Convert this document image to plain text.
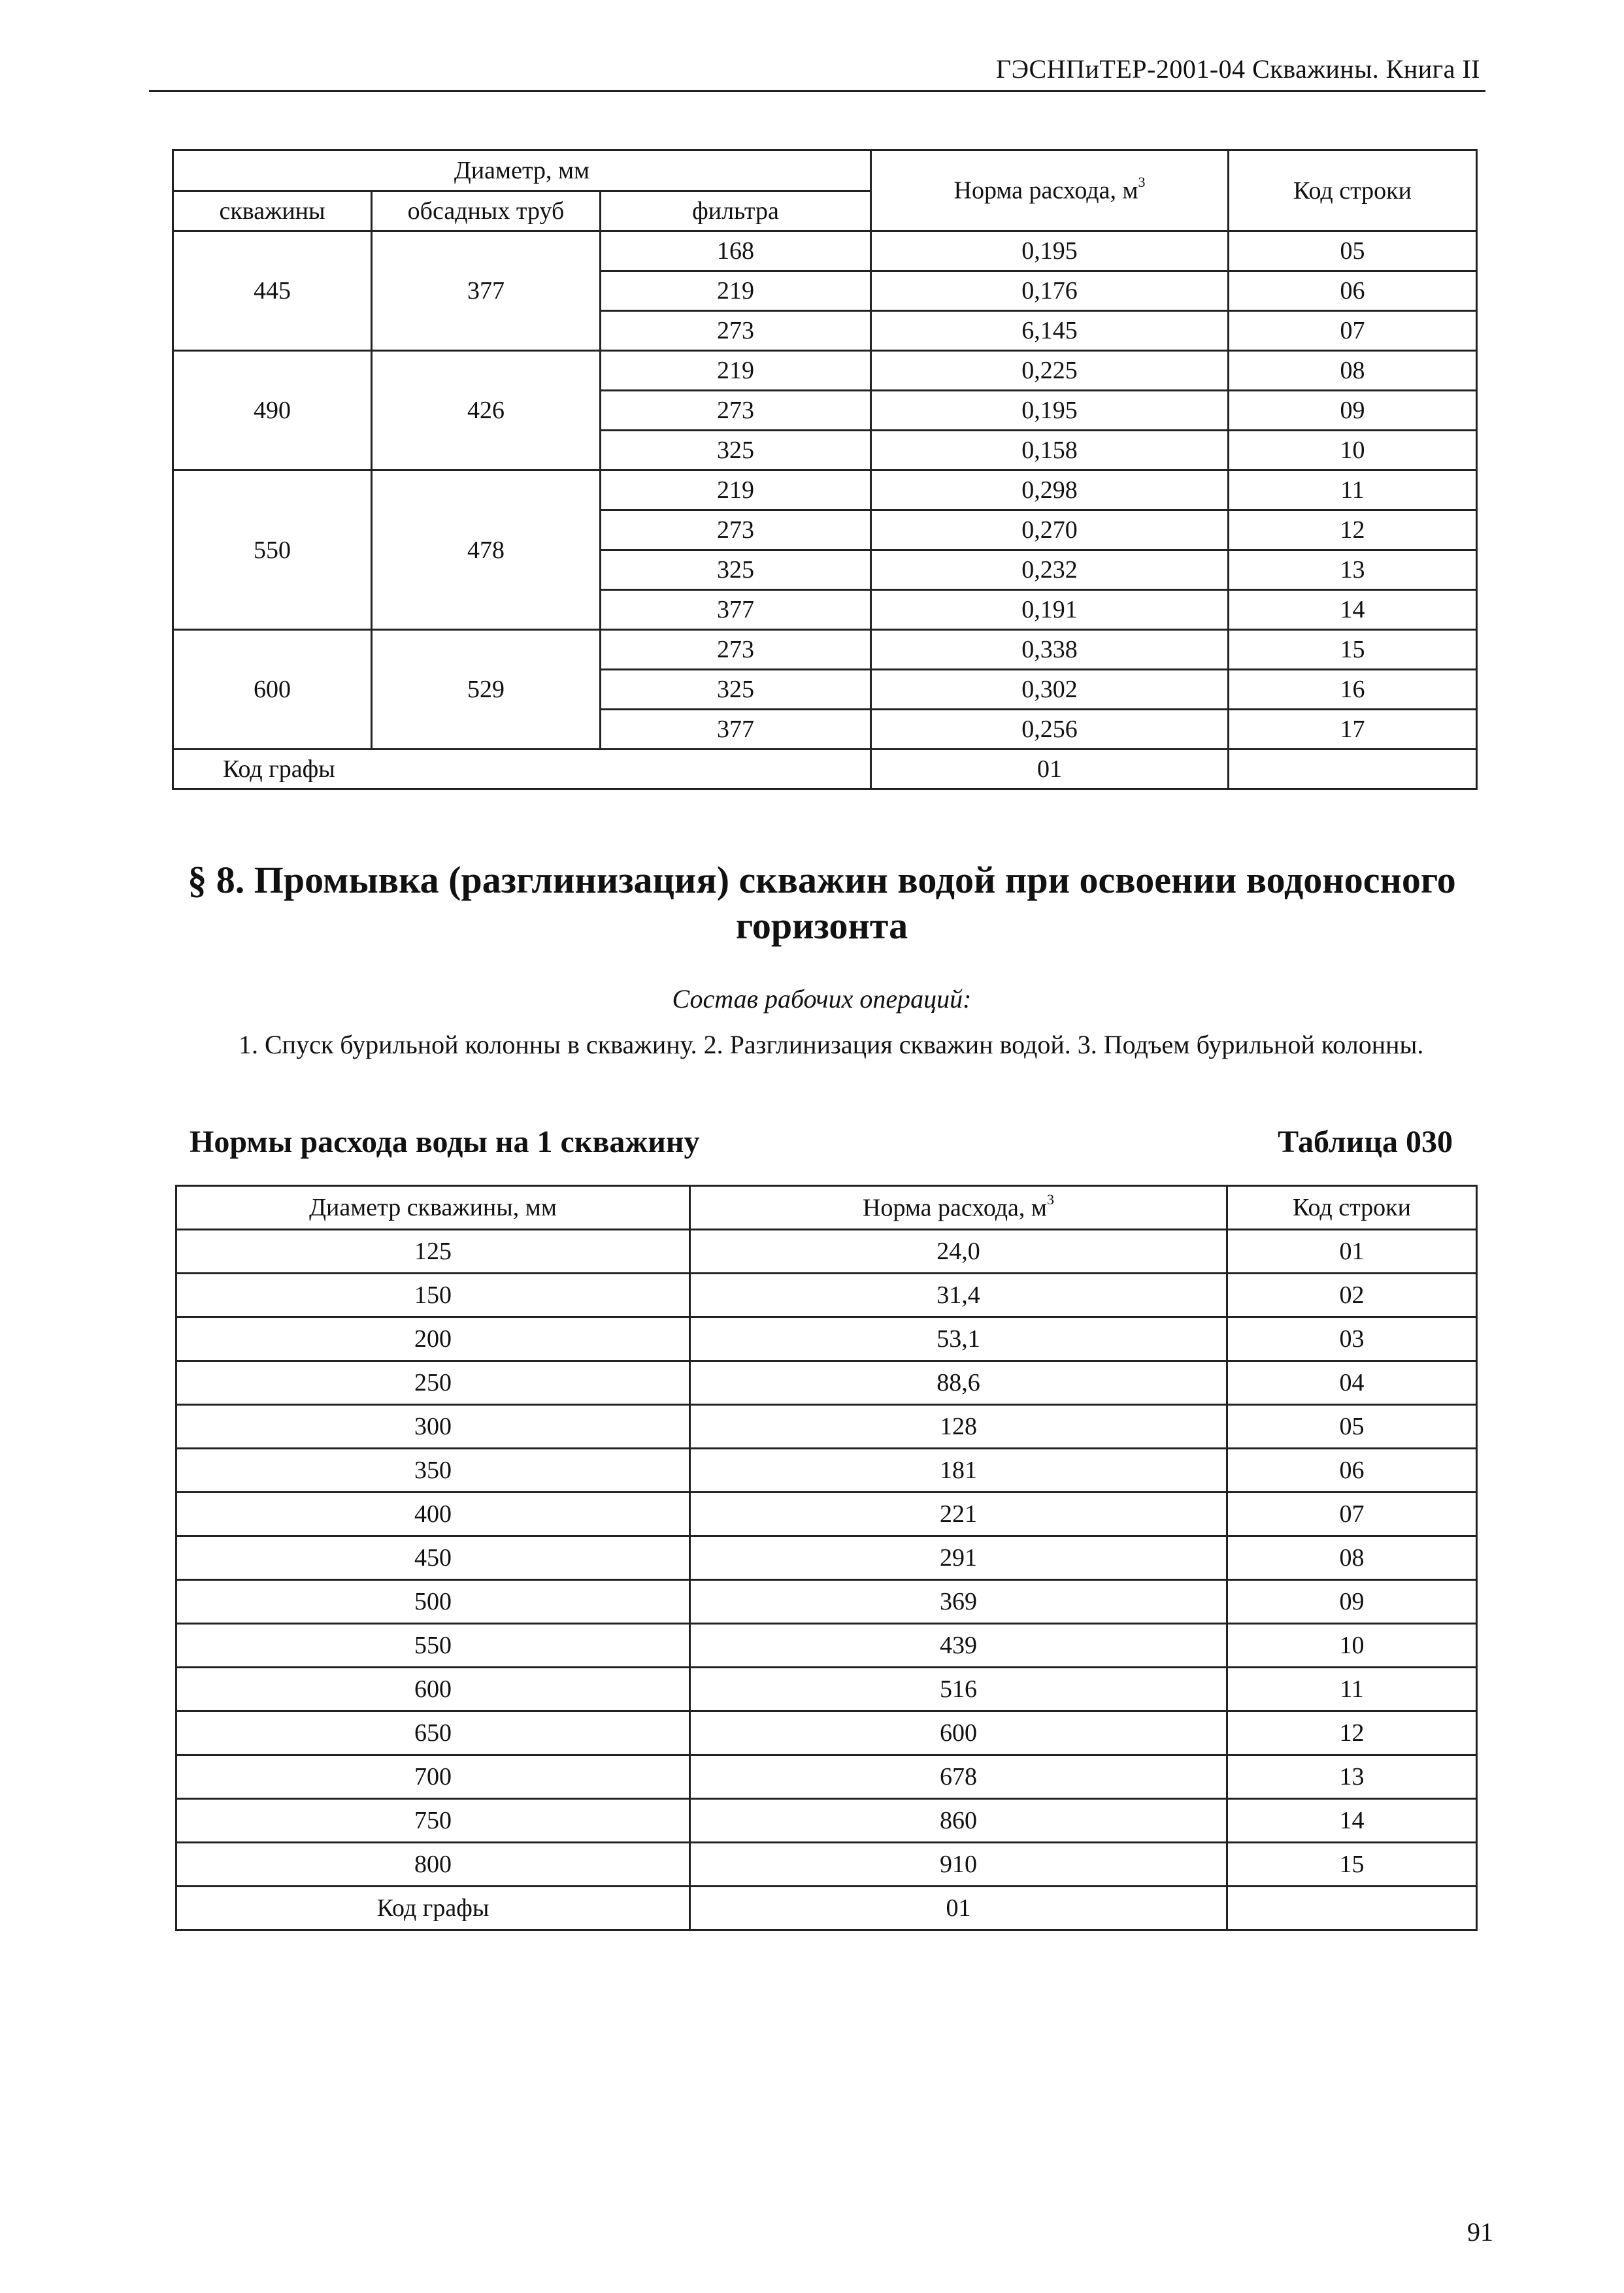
ГЭСНПиТЕР-2001-04 Скважины. Книга II
Диаметр, мм			Норма расхода, $м^3$	Код строки
скважины	обсадных труб	фильтра		
445	377	168	0,195	05
		219	0,176	06
		273	6,145	07
490	426	219	0,225	08
		273	0,195	09
		325	0,158	10
550	478	219	0,298	11
		273	0,270	12
		325	0,232	13
		377	0,191	14
600	529	273	0,338	15
		325	0,302	16
		377	0,256	17
Код графы			01	
§ 8. Промывка (разглинизация) скважин водой при освоении водоносного
горизонта
Состав рабочих операций:
1. Спуск бурильной колонны в скважину. 2. Разглинизация скважин водой. 3. Подъем бурильной колонны.
Нормы расхода воды на 1 скважину	Таблица 030
Диаметр скважины, мм	Норма расхода, $м^3$	Код строки
125	24,0	01
150	31,4	02
200	53,1	03
250	88,6	04
300	128	05
350	181	06
400	221	07
450	291	08
500	369	09
550	439	10
600	516	11
650	600	12
700	678	13
750	860	14
800	910	15
Код графы	01	
91
